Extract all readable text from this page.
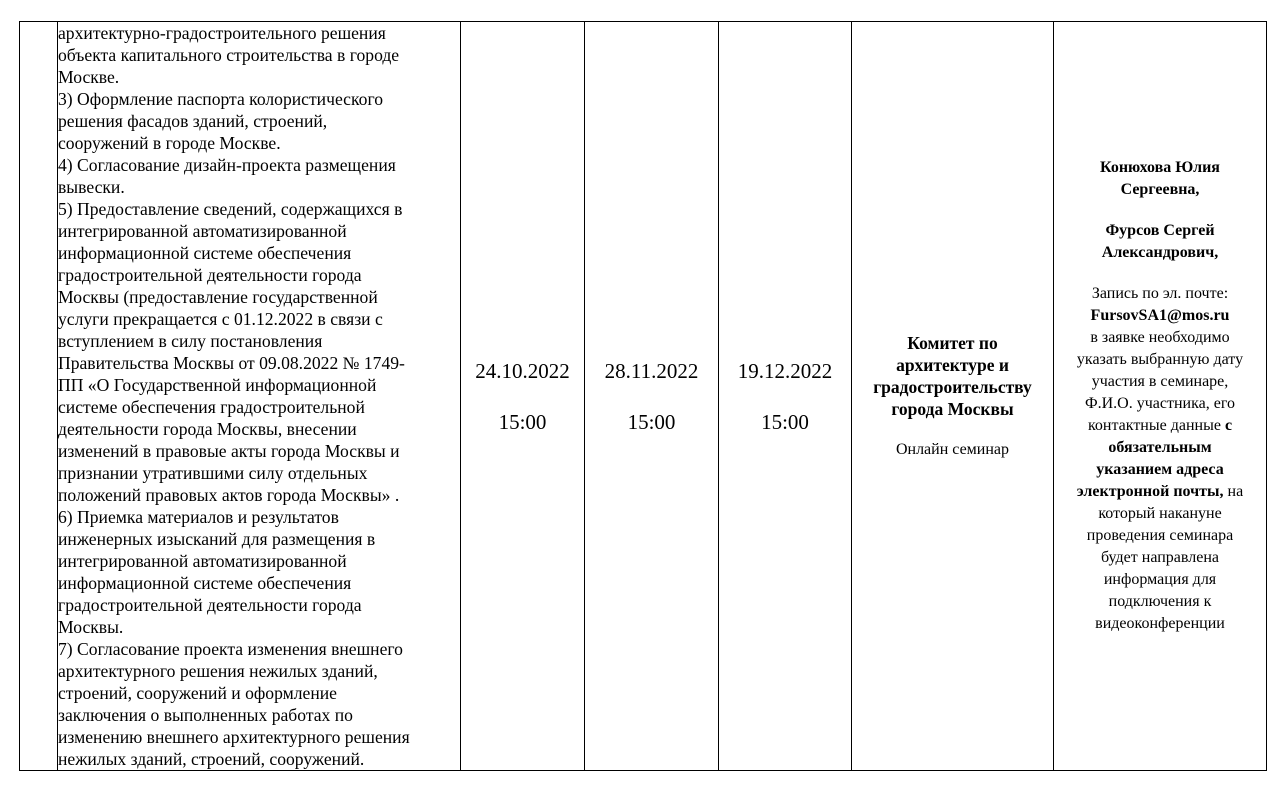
архитектурно-градостроительного решения
объекта капитального строительства в городе
Москве.
3) Оформление паспорта колористического
решения фасадов зданий, строений,
сооружений в городе Москве.
4) Согласование дизайн-проекта размещения
вывески.
5) Предоставление сведений, содержащихся в
интегрированной автоматизированной
информационной системе обеспечения
градостроительной деятельности города
Москвы (предоставление государственной
услуги прекращается с 01.12.2022 в связи с
вступлением в силу постановления
Правительства Москвы от 09.08.2022 № 1749-
ПП «О Государственной информационной
системе обеспечения градостроительной
деятельности города Москвы, внесении
изменений в правовые акты города Москвы и
признании утратившими силу отдельных
положений правовых актов города Москвы» .
6) Приемка материалов и результатов
инженерных изысканий для размещения в
интегрированной автоматизированной
информационной системе обеспечения
градостроительной деятельности города
Москвы.
7) Согласование проекта изменения внешнего
архитектурного решения нежилых зданий,
строений, сооружений и оформление
заключения о выполненных работах по
изменению внешнего архитектурного решения
нежилых зданий, строений, сооружений.

24.10.2022
15:00

28.11.2022
15:00

19.12.2022
15:00

Комитет по
архитектуре и
градостроительству
города Москвы
Онлайн семинар

Конюхова Юлия
Сергеевна,
Фурсов Сергей
Александрович,
Запись по эл. почте:
FursovSA1@mos.ru
в заявке необходимо
указать выбранную дату
участия в семинаре,
Ф.И.О. участника, его
контактные данные с
обязательным
указанием адреса
электронной почты, на
который накануне
проведения семинара
будет направлена
информация для
подключения к
видеоконференции
